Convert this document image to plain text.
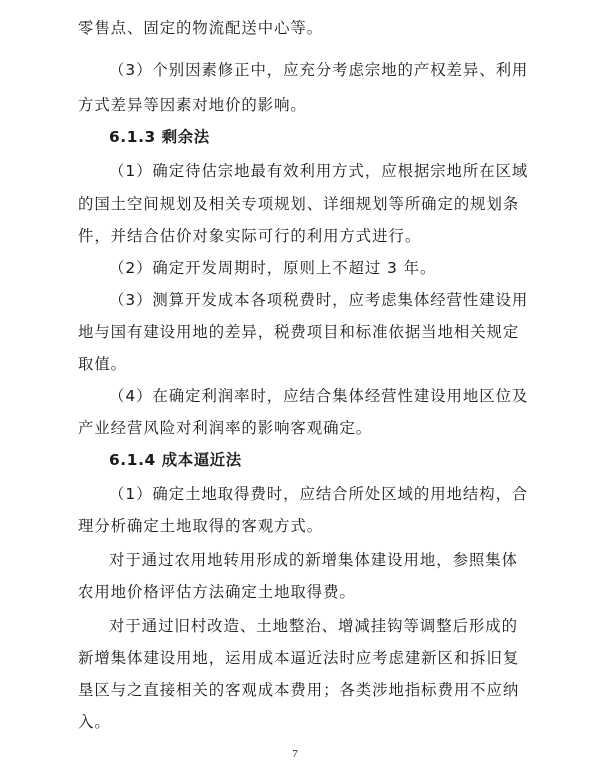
零售点、固定的物流配送中心等。
（3）个别因素修正中，应充分考虑宗地的产权差异、利用
方式差异等因素对地价的影响。
6.1.3 剩余法
（1）确定待估宗地最有效利用方式，应根据宗地所在区域
的国土空间规划及相关专项规划、详细规划等所确定的规划条
件，并结合估价对象实际可行的利用方式进行。
（2）确定开发周期时，原则上不超过 3 年。
（3）测算开发成本各项税费时，应考虑集体经营性建设用
地与国有建设用地的差异，税费项目和标准依据当地相关规定
取值。
（4）在确定利润率时，应结合集体经营性建设用地区位及
产业经营风险对利润率的影响客观确定。
6.1.4 成本逼近法
（1）确定土地取得费时，应结合所处区域的用地结构，合
理分析确定土地取得的客观方式。
对于通过农用地转用形成的新增集体建设用地，参照集体
农用地价格评估方法确定土地取得费。
对于通过旧村改造、土地整治、增减挂钩等调整后形成的
新增集体建设用地，运用成本逼近法时应考虑建新区和拆旧复
垦区与之直接相关的客观成本费用；各类涉地指标费用不应纳
入。
7
